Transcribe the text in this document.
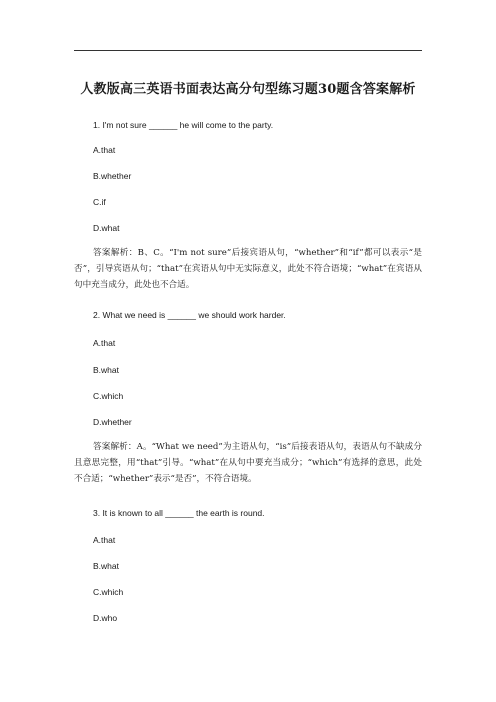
人教版高三英语书面表达高分句型练习题30题含答案解析
1. I'm not sure ______ he will come to the party.
A.that
B.whether
C.if
D.what
答案解析：B、C。“I'm not sure”后接宾语从句，“whether”和“if”都可以表示“是否”，引导宾语从句；“that”在宾语从句中无实际意义，此处不符合语境；“what”在宾语从句中充当成分，此处也不合适。
2. What we need is ______ we should work harder.
A.that
B.what
C.which
D.whether
答案解析：A。“What we need”为主语从句，“is”后接表语从句，表语从句不缺成分且意思完整，用“that”引导。“what”在从句中要充当成分；“which”有选择的意思，此处不合适；“whether”表示“是否”，不符合语境。
3. It is known to all ______ the earth is round.
A.that
B.what
C.which
D.who
